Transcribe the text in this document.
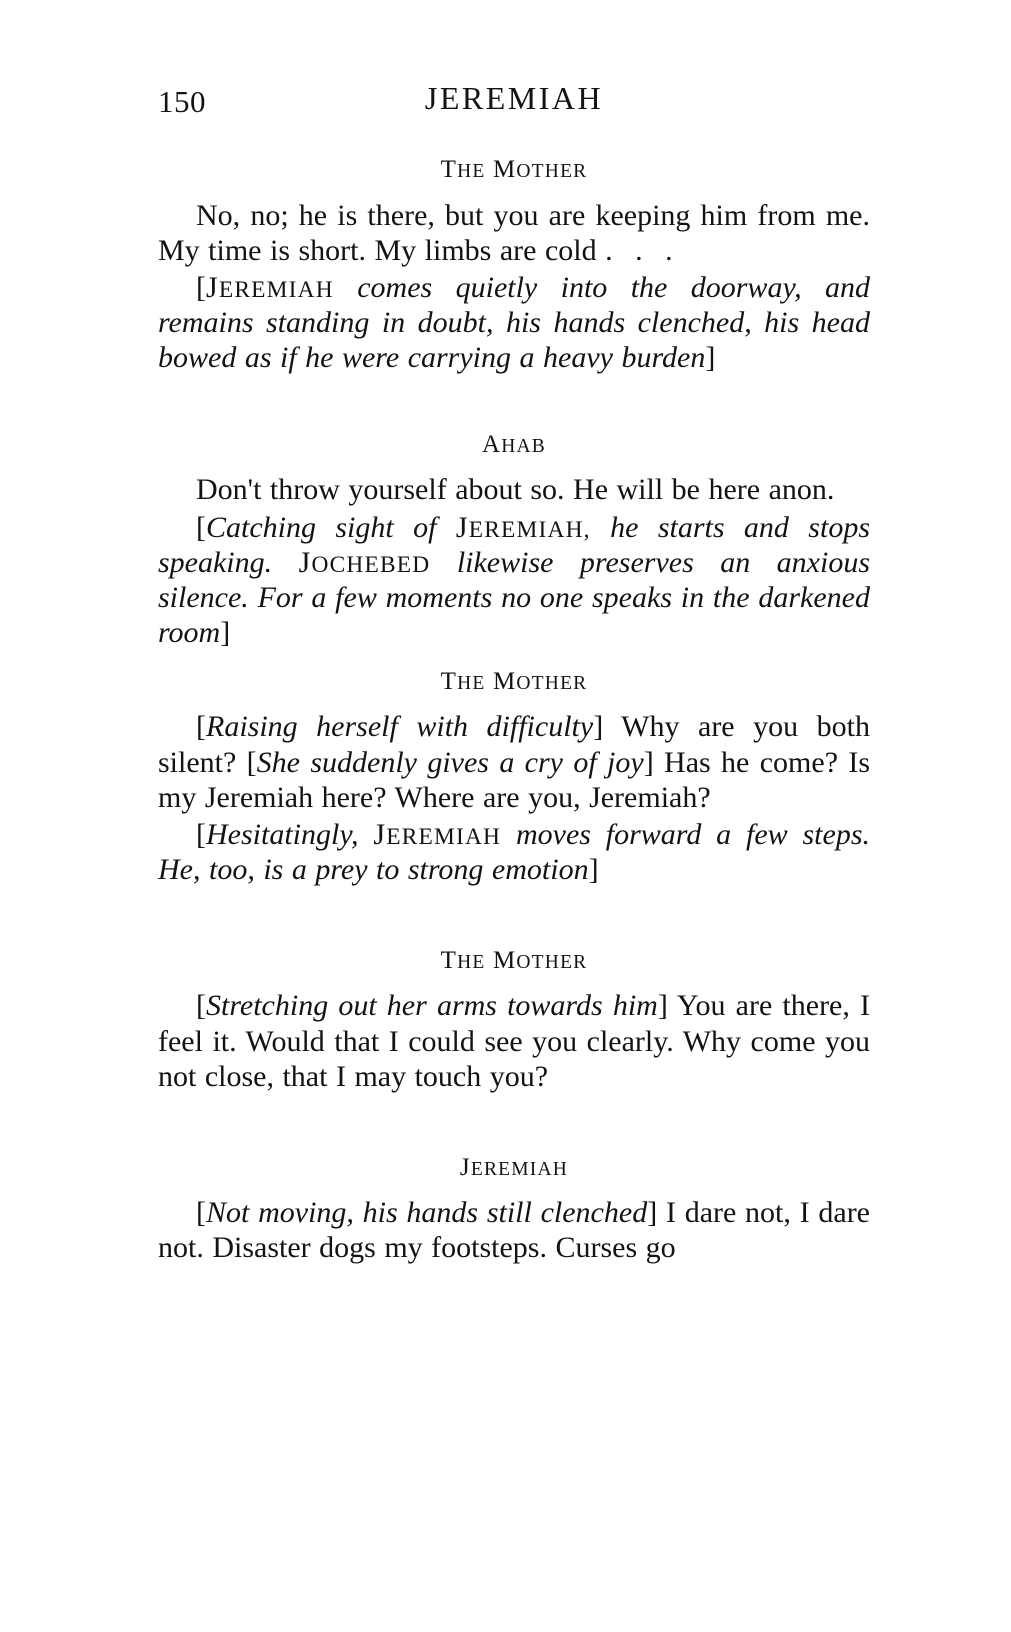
150	JEREMIAH
THE MOTHER

No, no; he is there, but you are keeping him from me. My time is short. My limbs are cold . . .

[JEREMIAH comes quietly into the doorway, and remains standing in doubt, his hands clenched, his head bowed as if he were carrying a heavy burden]

AHAB

Don't throw yourself about so. He will be here anon.

[Catching sight of JEREMIAH, he starts and stops speaking. JOCHEBED likewise preserves an anxious silence. For a few moments no one speaks in the darkened room]

THE MOTHER

[Raising herself with difficulty] Why are you both silent? [She suddenly gives a cry of joy] Has he come? Is my Jeremiah here? Where are you, Jeremiah?

[Hesitatingly, JEREMIAH moves forward a few steps. He, too, is a prey to strong emotion]

THE MOTHER

[Stretching out her arms towards him] You are there, I feel it. Would that I could see you clearly. Why come you not close, that I may touch you?

JEREMIAH

[Not moving, his hands still clenched] I dare not, I dare not. Disaster dogs my footsteps. Curses go
